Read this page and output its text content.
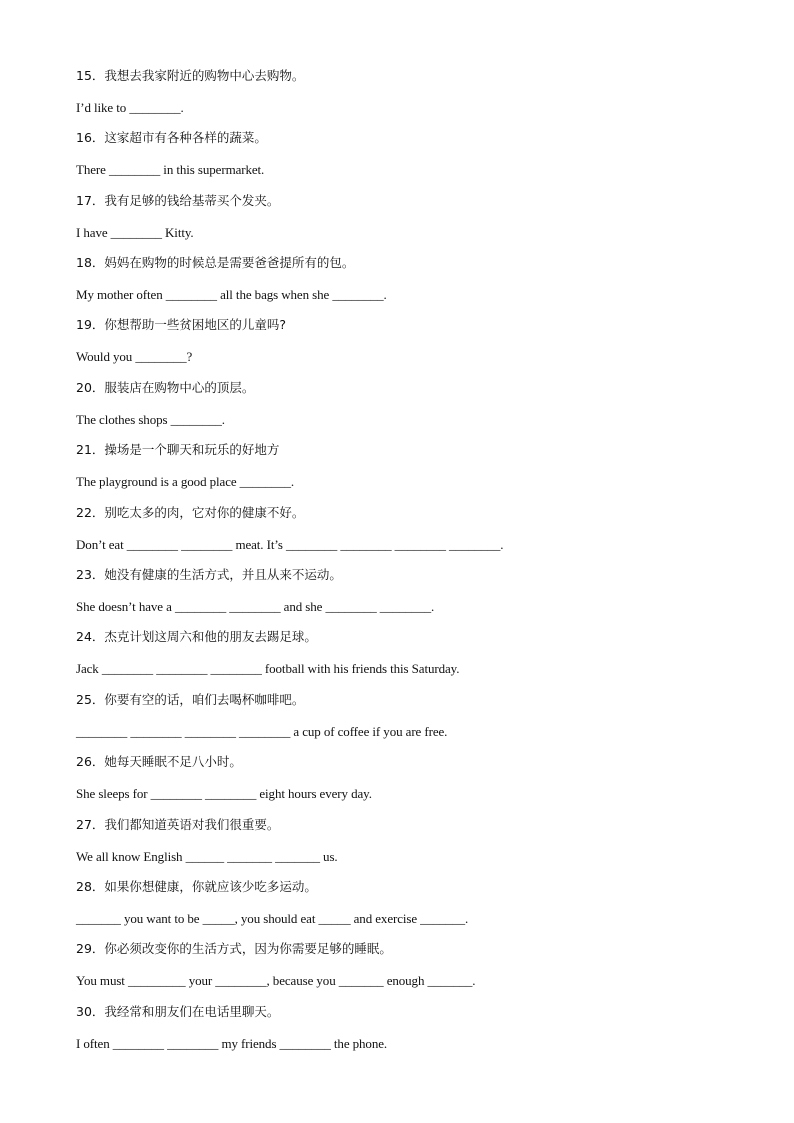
15．我想去我家附近的购物中心去购物。
I’d like to ________.
16．这家超市有各种各样的蔬菜。
There ________ in this supermarket.
17．我有足够的钱给基蒂买个发夹。
I have ________ Kitty.
18．妈妈在购物的时候总是需要爸爸提所有的包。
My mother often ________ all the bags when she ________.
19．你想帮助一些贫困地区的儿童吗?
Would you ________?
20．服装店在购物中心的顶层。
The clothes shops ________.
21．操场是一个聊天和玩乐的好地方
The playground is a good place ________.
22．别吃太多的肉，它对你的健康不好。
Don’t eat ________ ________ meat. It’s ________ ________ ________ ________.
23．她没有健康的生活方式，并且从来不运动。
She doesn’t have a ________ ________ and she ________ ________.
24．杰克计划这周六和他的朋友去踢足球。
Jack ________ ________ ________ football with his friends this Saturday.
25．你要有空的话，咱们去喝杯咖啡吧。
________ ________ ________ ________ a cup of coffee if you are free.
26．她每天睡眠不足八小时。
She sleeps for ________ ________ eight hours every day.
27．我们都知道英语对我们很重要。
We all know English ______ _______ _______ us.
28．如果你想健康，你就应该少吃多运动。
_______ you want to be _____, you should eat _____ and exercise _______.
29．你必须改变你的生活方式，因为你需要足够的睡眠。
You must _________ your ________, because you _______ enough _______.
30．我经常和朋友们在电话里聊天。
I often ________ ________ my friends ________ the phone.
